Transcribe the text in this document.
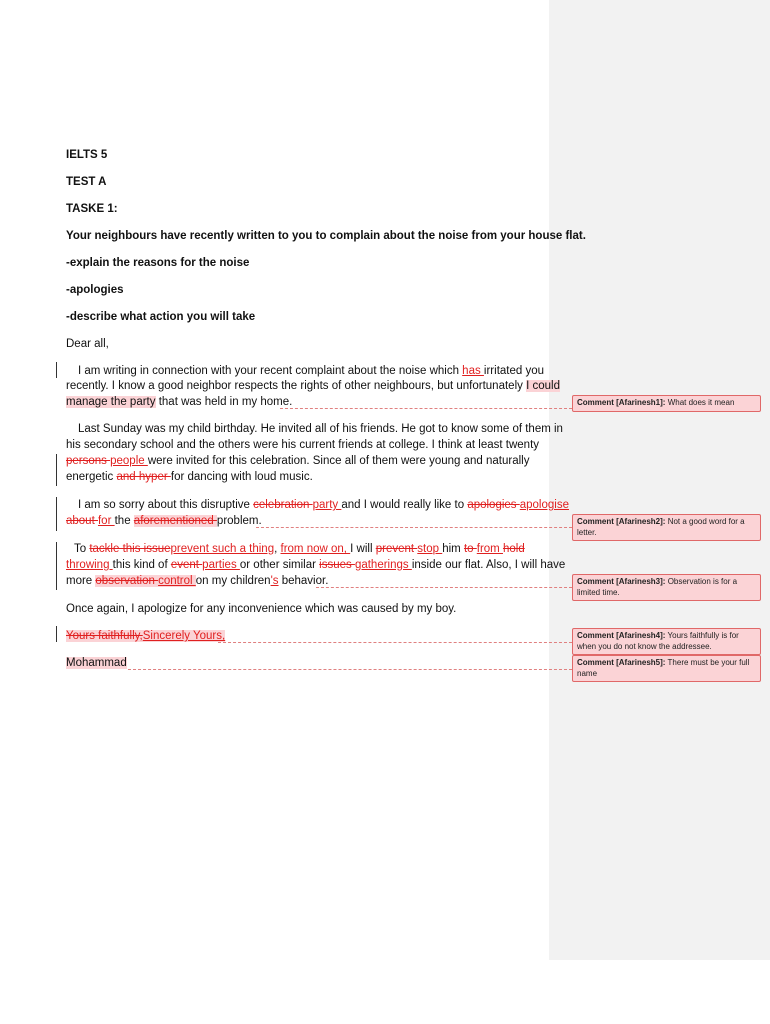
IELTS 5
TEST A
TASKE 1:
Your neighbours have recently written to you to complain about the noise from your house flat.
-explain the reasons for the noise
-apologies
-describe what action you will take
Dear all,
I am writing in connection with your recent complaint about the noise which has irritated you
recently. I know a good neighbor respects the rights of other neighbours, but unfortunately I could
manage the party that was held in my home.
Last Sunday was my child birthday. He invited all of his friends. He got to know some of them in
his secondary school and the others were his current friends at college. I think at least twenty
persons people were invited for this celebration. Since all of them were young and naturally
energetic and hyper for dancing with loud music.
I am so sorry about this disruptive celebration party and I would really like to apologies apologise
about for the aforementioned problem.
To tackle this issueprevent such a thing, from now on, I will prevent stop him to from hold
throwing this kind of event parties or other similar issues gatherings inside our flat. Also, I will have
more observation control on my children's behavior.
Once again, I apologize for any inconvenience which was caused by my boy.
Yours faithfully,Sincerely Yours,
Mohammad
Comment [Afarinesh1]: What does it mean
Comment [Afarinesh2]: Not a good word for a letter.
Comment [Afarinesh3]: Observation is for a limited time.
Comment [Afarinesh4]: Yours faithfully is for when you do not know the addressee.
Comment [Afarinesh5]: There must be your full name
